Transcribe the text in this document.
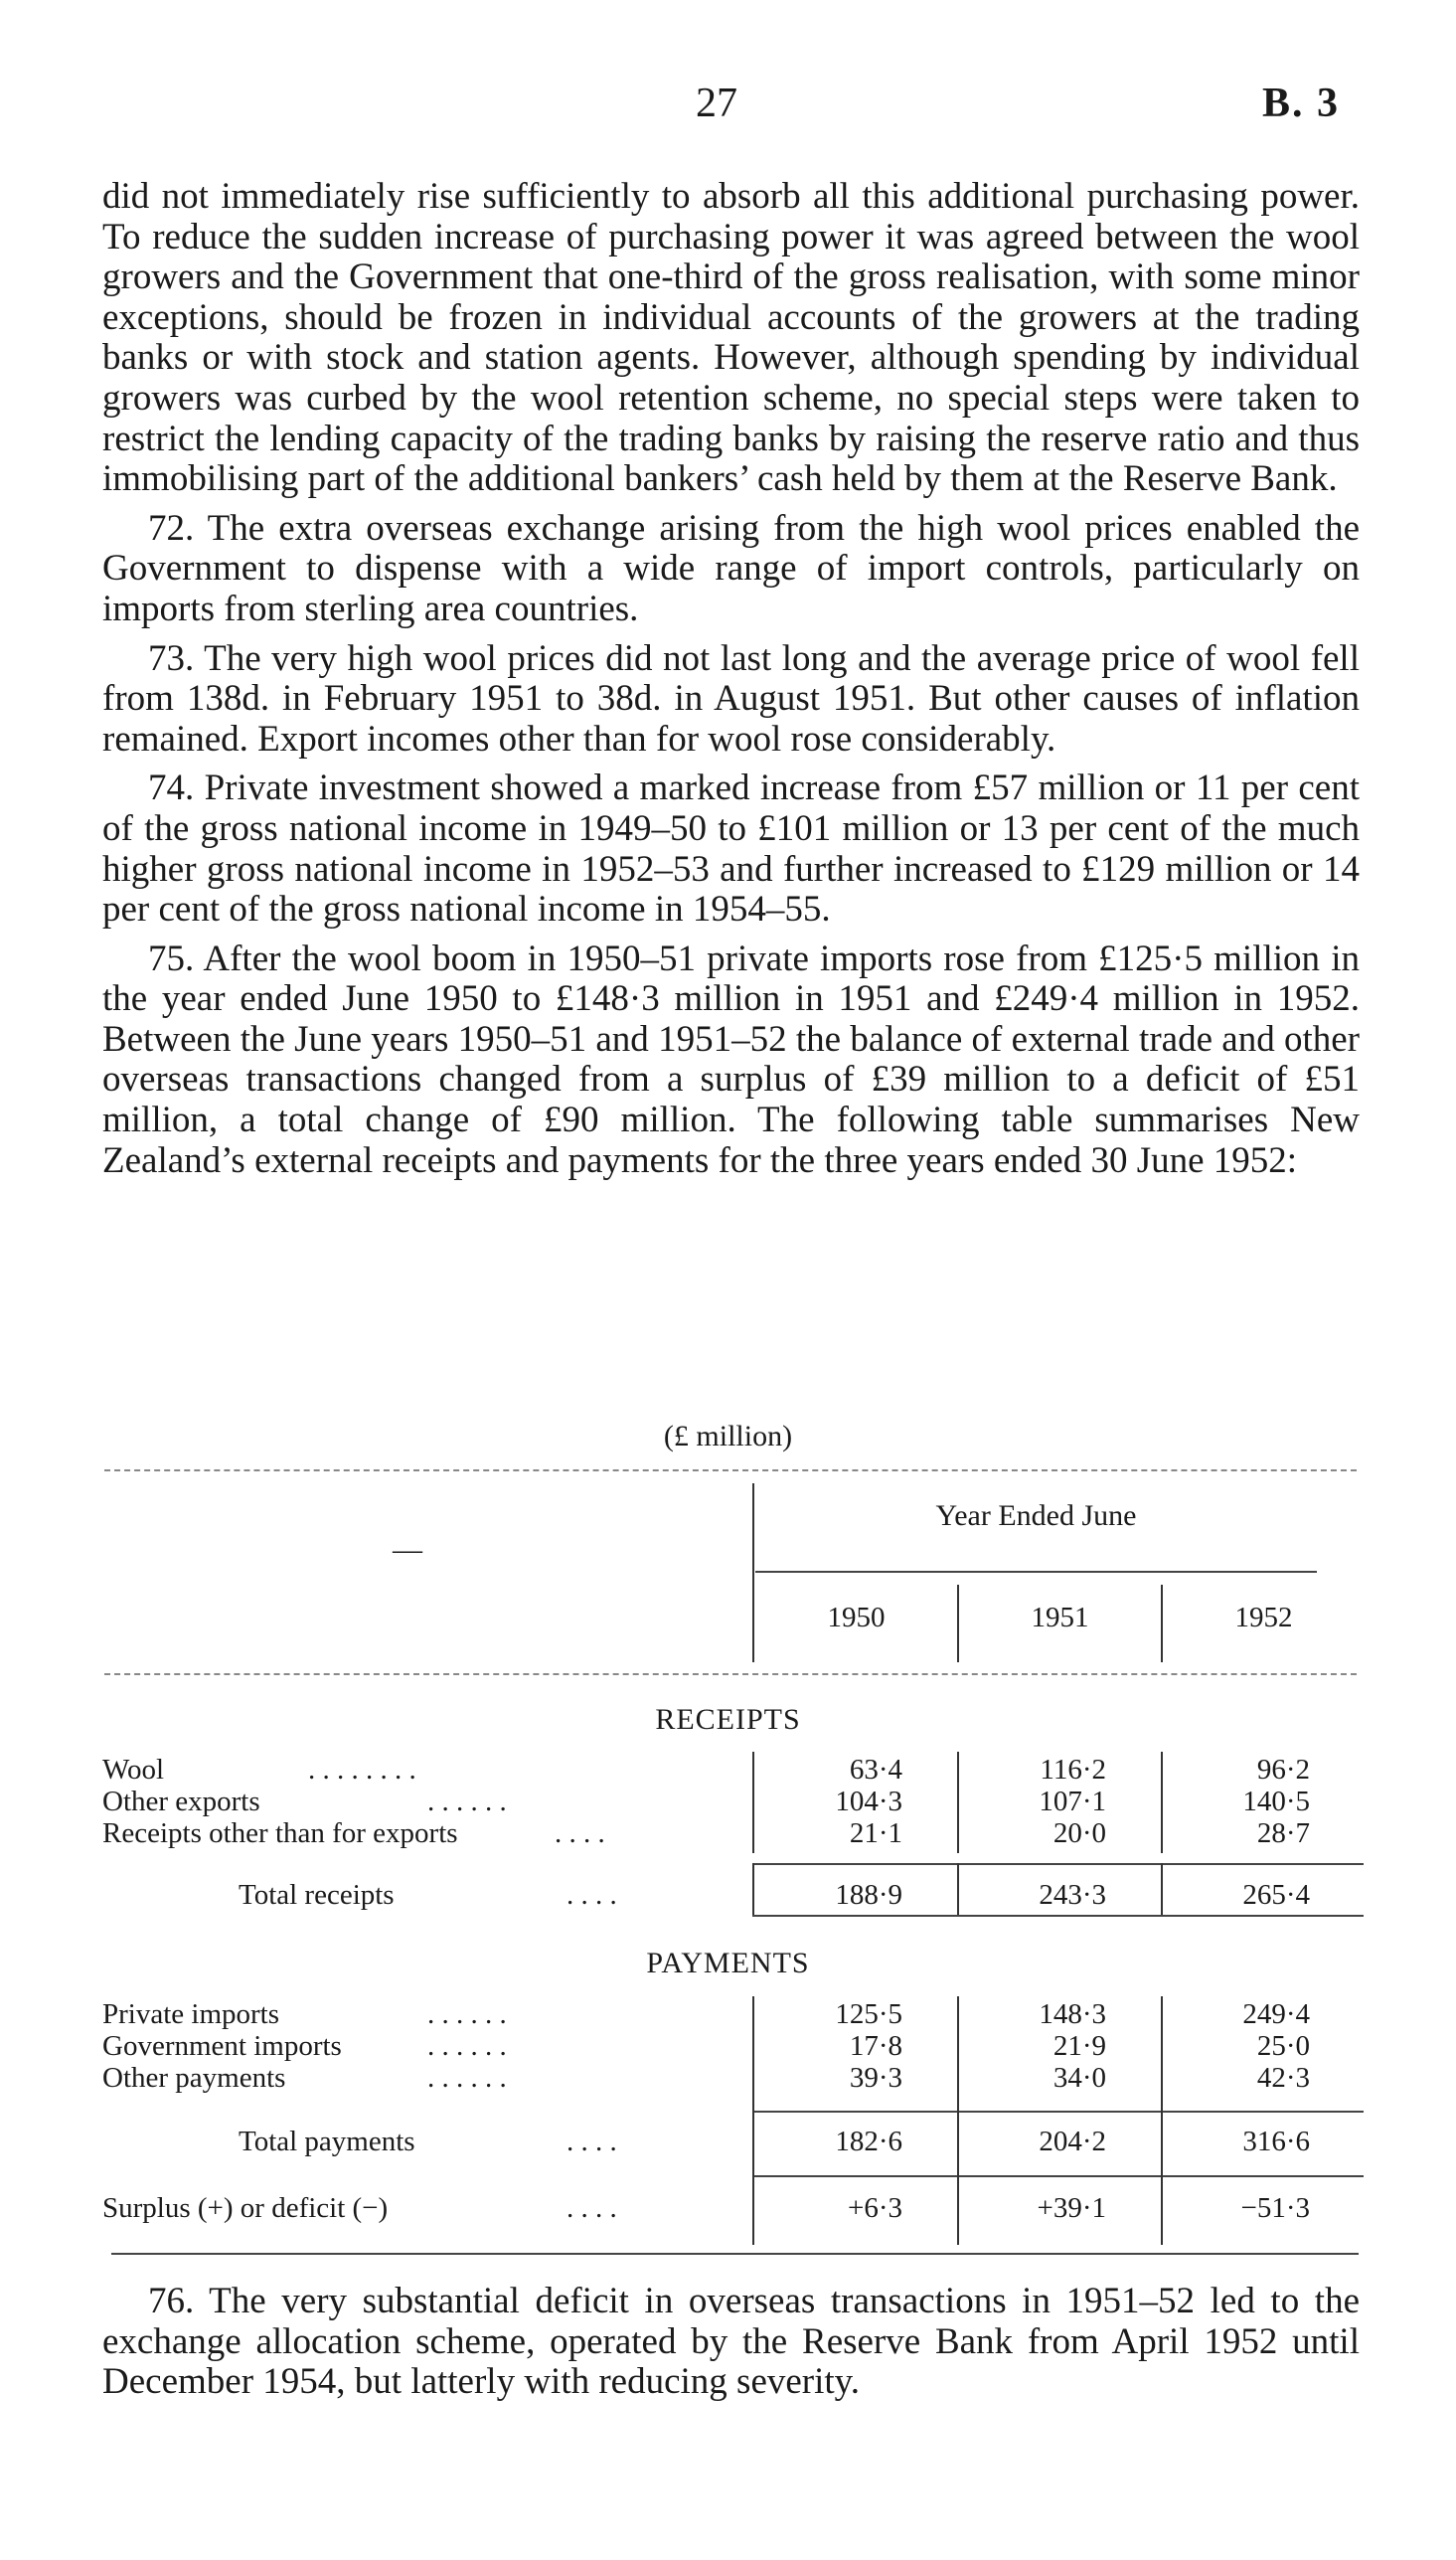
27	B. 3

did not immediately rise sufficiently to absorb all this additional purchasing power. To reduce the sudden increase of purchasing power it was agreed between the wool growers and the Government that one-third of the gross realisation, with some minor exceptions, should be frozen in individual accounts of the growers at the trading banks or with stock and station agents. However, although spending by individual growers was curbed by the wool retention scheme, no special steps were taken to restrict the lending capacity of the trading banks by raising the reserve ratio and thus immobilising part of the additional bankers’ cash held by them at the Reserve Bank.

72. The extra overseas exchange arising from the high wool prices enabled the Government to dispense with a wide range of import controls, particularly on imports from sterling area countries.

73. The very high wool prices did not last long and the average price of wool fell from 138d. in February 1951 to 38d. in August 1951. But other causes of inflation remained. Export incomes other than for wool rose considerably.

74. Private investment showed a marked increase from £57 million or 11 per cent of the gross national income in 1949–50 to £101 million or 13 per cent of the much higher gross national income in 1952–53 and further increased to £129 million or 14 per cent of the gross national income in 1954–55.

75. After the wool boom in 1950–51 private imports rose from £125·5 million in the year ended June 1950 to £148·3 million in 1951 and £249·4 million in 1952. Between the June years 1950–51 and 1951–52 the balance of external trade and other overseas transactions changed from a surplus of £39 million to a deficit of £51 million, a total change of £90 million. The following table summarises New Zealand’s external receipts and payments for the three years ended 30 June 1952:

(£ million)
—
Year Ended June
1950	1951	1952
RECEIPTS
Wool	. . . . . . . .	63·4	116·2	96·2
Other exports	. . . . . .	104·3	107·1	140·5
Receipts other than for exports	. . . .	21·1	20·0	28·7
Total receipts	. . . .	188·9	243·3	265·4
PAYMENTS
Private imports	. . . . . .	125·5	148·3	249·4
Government imports	. . . . . .	17·8	21·9	25·0
Other payments	. . . . . .	39·3	34·0	42·3
Total payments	. . . .	182·6	204·2	316·6
Surplus (+) or deficit (−)	. . . .	+6·3	+39·1	−51·3

76. The very substantial deficit in overseas transactions in 1951–52 led to the exchange allocation scheme, operated by the Reserve Bank from April 1952 until December 1954, but latterly with reducing severity.
